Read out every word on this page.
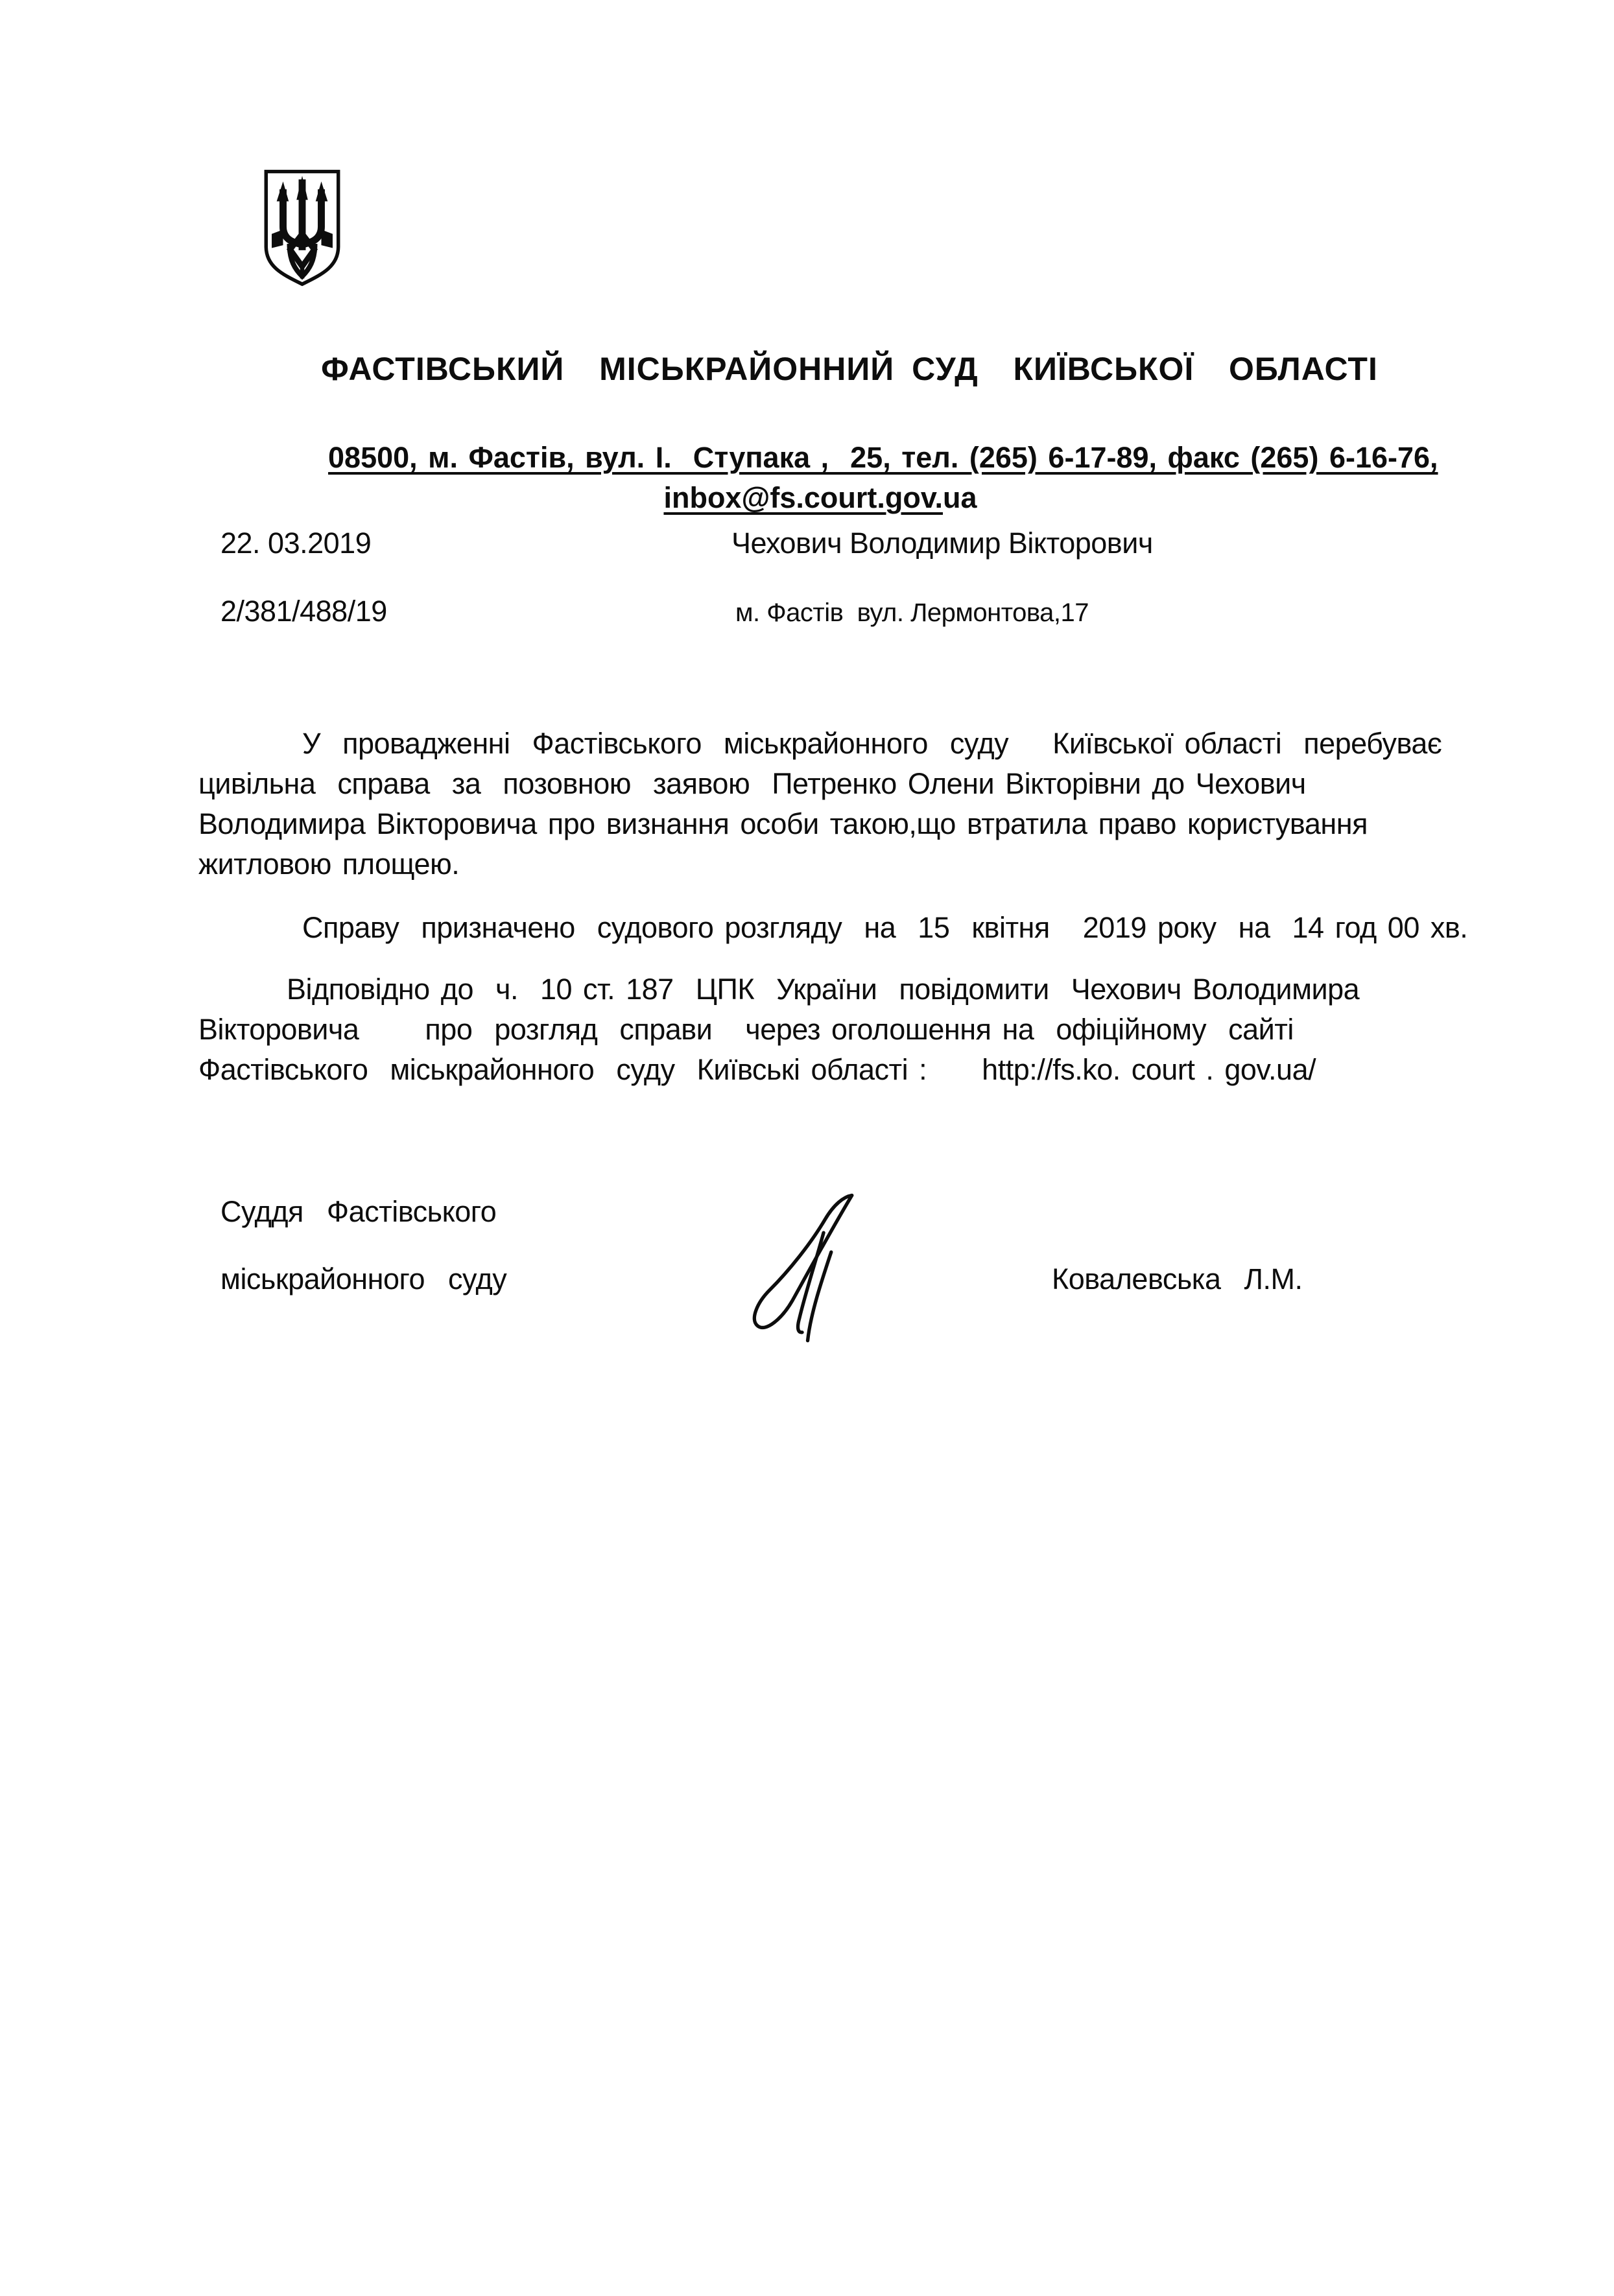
ФАСТІВСЬКИЙ  МІСЬКРАЙОННИЙ СУД  КИЇВСЬКОЇ  ОБЛАСТІ

08500, м. Фастів, вул. І.  Ступака ,  25, тел. (265) 6-17-89, факс (265) 6-16-76,

inbox@fs.court.gov.ua

22. 03.2019	Чехович Володимир Вікторович
2/381/488/19	м. Фастів  вул. Лермонтова,17
У  провадженні  Фастівського  міськрайонного  суду    Київської області  перебуває
цивільна  справа  за  позовною  заявою  Петренко Олени Вікторівни до Чехович
Володимира Вікторовича про визнання особи такою,що втратила право користування
житловою площею.
Справу  призначено  судового розгляду  на  15  квітня   2019 року  на  14 год 00 хв.
Відповідно до  ч.  10 ст. 187  ЦПК  України  повідомити  Чехович Володимира
Вікторовича      про  розгляд  справи   через оголошення на  офіційному  сайті
Фастівського  міськрайонного  суду  Київські області :     http://fs.ko. court . gov.ua/
Суддя  Фастівського
міськрайонного  суду	Ковалевська  Л.М.
